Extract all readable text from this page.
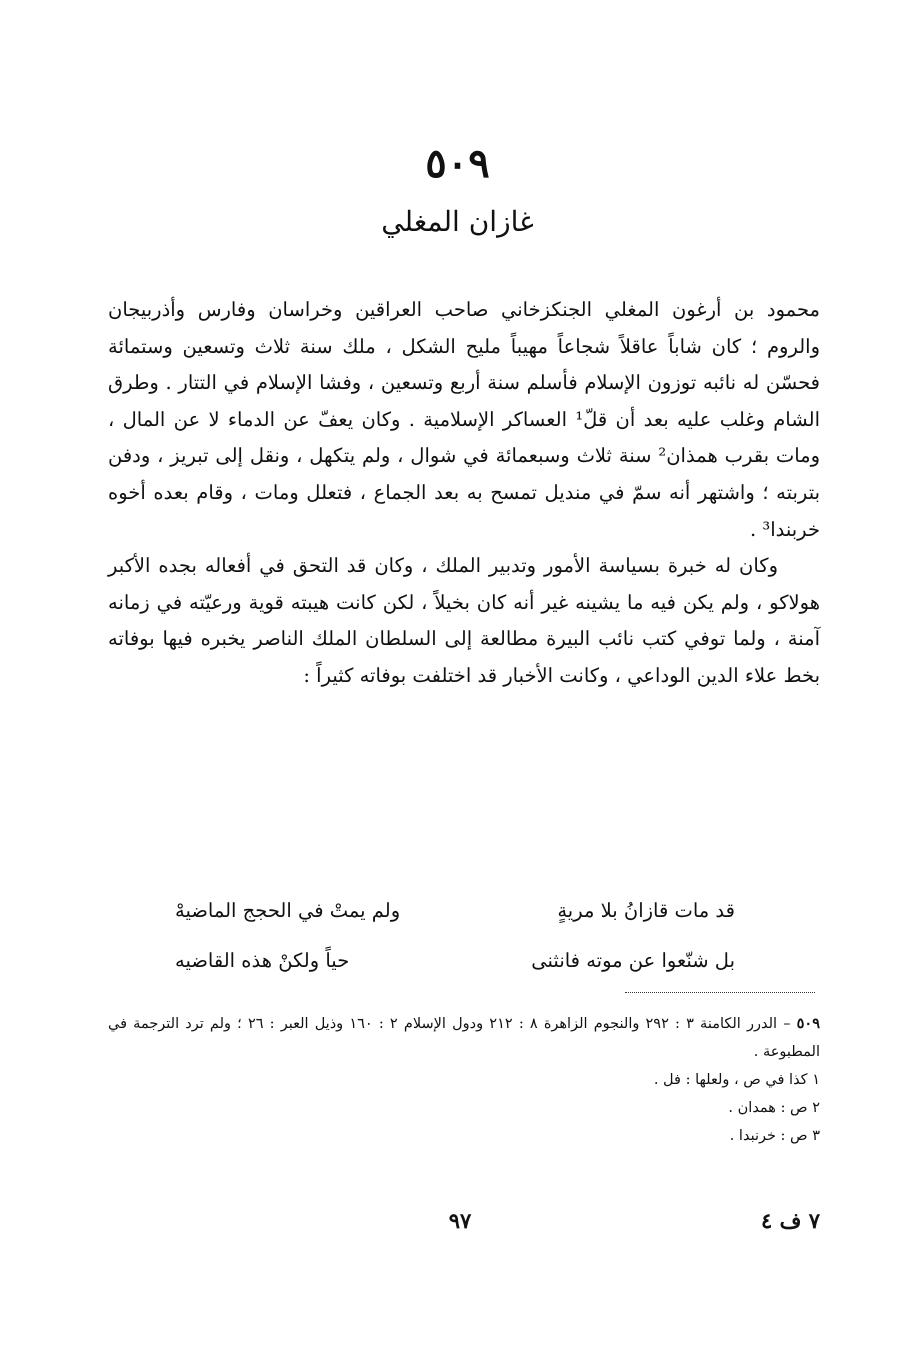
٥٠٩
غازان المغلي

محمود بن أرغون المغلي الجنكزخاني صاحب العراقين وخراسان وفارس وأذربيجان والروم ؛ كان شاباً عاقلاً شجاعاً مهيباً مليح الشكل ، ملك سنة ثلاث وتسعين وستمائة فحسّن له نائبه توزون الإسلام فأسلم سنة أربع وتسعين ، وفشا الإسلام في التتار . وطرق الشام وغلب عليه بعد أن قلّ¹ العساكر الإسلامية . وكان يعفّ عن الدماء لا عن المال ، ومات بقرب همذان² سنة ثلاث وسبعمائة في شوال ، ولم يتكهل ، ونقل إلى تبريز ، ودفن بتربته ؛ واشتهر أنه سمّ في منديل تمسح به بعد الجماع ، فتعلل ومات ، وقام بعده أخوه خربندا³ .

وكان له خبرة بسياسة الأمور وتدبير الملك ، وكان قد التحق في أفعاله بجده الأكبر هولاكو ، ولم يكن فيه ما يشينه غير أنه كان بخيلاً ، لكن كانت هيبته قوية ورعيّته في زمانه آمنة ، ولما توفي كتب نائب البيرة مطالعة إلى السلطان الملك الناصر يخبره فيها بوفاته بخط علاء الدين الوداعي ، وكانت الأخبار قد اختلفت بوفاته كثيراً :

قد مات قازانُ بلا مريةٍ
ولم يمتْ في الحجج الماضيهْ
بل شنّعوا عن موته فانثنى
حياً ولكنْ هذه القاضيه
٥٠٩ – الدرر الكامنة ٣ : ٢٩٢ والنجوم الزاهرة ٨ : ٢١٢ ودول الإسلام ٢ : ١٦٠ وذيل العبر : ٢٦ ؛ ولم ترد الترجمة في المطبوعة .
١ كذا في ص ، ولعلها : فل .
٢ ص : همدان .
٣ ص : خرنبدا .
٩٧	٧ ف ٤
